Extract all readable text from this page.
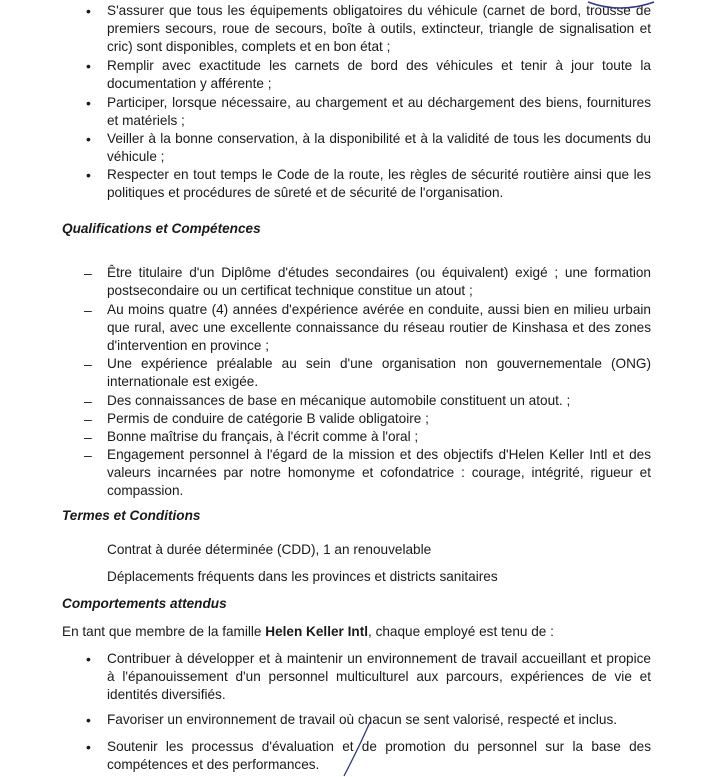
• S'assurer que tous les équipements obligatoires du véhicule (carnet de bord, trousse de premiers secours, roue de secours, boîte à outils, extincteur, triangle de signalisation et cric) sont disponibles, complets et en bon état ;
• Remplir avec exactitude les carnets de bord des véhicules et tenir à jour toute la documentation y afférente ;
• Participer, lorsque nécessaire, au chargement et au déchargement des biens, fournitures et matériels ;
• Veiller à la bonne conservation, à la disponibilité et à la validité de tous les documents du véhicule ;
• Respecter en tout temps le Code de la route, les règles de sécurité routière ainsi que les politiques et procédures de sûreté et de sécurité de l'organisation.
Qualifications et Compétences
– Être titulaire d'un Diplôme d'études secondaires (ou équivalent) exigé ; une formation postsecondaire ou un certificat technique constitue un atout ;
– Au moins quatre (4) années d'expérience avérée en conduite, aussi bien en milieu urbain que rural, avec une excellente connaissance du réseau routier de Kinshasa et des zones d'intervention en province ;
– Une expérience préalable au sein d'une organisation non gouvernementale (ONG) internationale est exigée.
– Des connaissances de base en mécanique automobile constituent un atout. ;
– Permis de conduire de catégorie B valide obligatoire ;
– Bonne maîtrise du français, à l'écrit comme à l'oral ;
– Engagement personnel à l'égard de la mission et des objectifs d'Helen Keller Intl et des valeurs incarnées par notre homonyme et cofondatrice : courage, intégrité, rigueur et compassion.
Termes et Conditions
Contrat à durée déterminée (CDD), 1 an renouvelable
Déplacements fréquents dans les provinces et districts sanitaires
Comportements attendus
En tant que membre de la famille Helen Keller Intl, chaque employé est tenu de :
• Contribuer à développer et à maintenir un environnement de travail accueillant et propice à l'épanouissement d'un personnel multiculturel aux parcours, expériences de vie et identités diversifiés.
• Favoriser un environnement de travail où chacun se sent valorisé, respecté et inclus.
• Soutenir les processus d'évaluation et de promotion du personnel sur la base des compétences et des performances.
